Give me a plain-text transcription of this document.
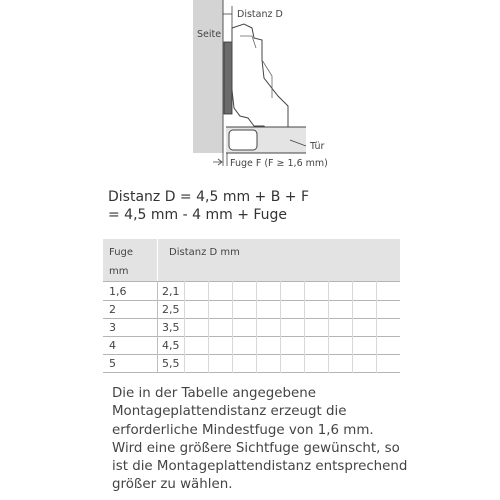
Distanz D
Seite
Tür
Fuge F (F ≥ 1,6 mm)
Distanz D = 4,5 mm + B + F
= 4,5 mm - 4 mm + Fuge
Fuge
mm
Distanz D mm
1,6	2,1
2	2,5
3	3,5
4	4,5
5	5,5
Die in der Tabelle angegebene
Montageplattendistanz erzeugt die
erforderliche Mindestfuge von 1,6 mm.
Wird eine größere Sichtfuge gewünscht, so
ist die Montageplattendistanz entsprechend
größer zu wählen.
